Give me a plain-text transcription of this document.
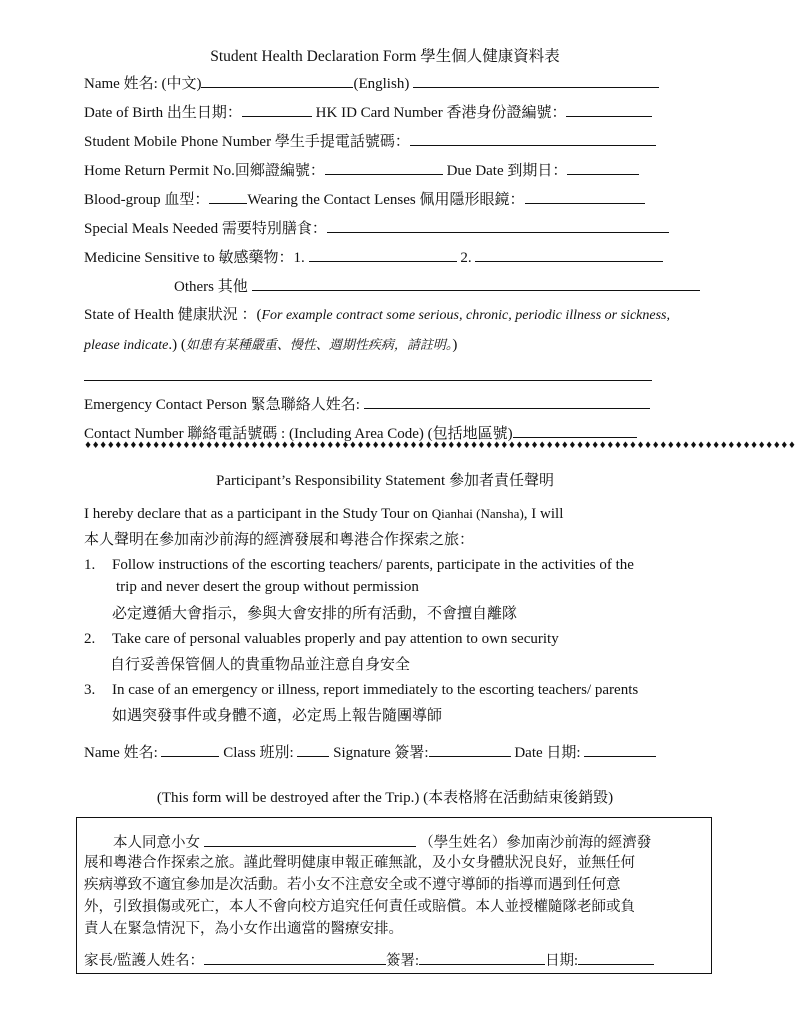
Student Health Declaration Form 學生個人健康資料表
Name 姓名: (中文)	(English)
Date of Birth 出生日期：	HK ID Card Number 香港身份證編號：
Student Mobile Phone Number 學生手提電話號碼：
Home Return Permit No.回鄉證編號：	Due Date 到期日：
Blood-group 血型：	Wearing the Contact Lenses 佩用隱形眼鏡：
Special Meals Needed 需要特別膳食：
Medicine Sensitive to 敏感藥物：1.	2.
Others 其他
State of Health 健康狀況 ：(For example contract some serious, chronic, periodic illness or sickness,
please indicate.) (如患有某種嚴重、慢性、週期性疾病，請註明。)
Emergency Contact Person 緊急聯絡人姓名:
Contact Number 聯絡電話號碼 : (Including Area Code) (包括地區號)
♦♦♦♦♦♦♦♦♦♦♦♦♦♦♦♦♦♦♦♦♦♦♦♦♦♦♦♦♦♦♦♦♦♦♦♦♦♦♦♦♦♦♦♦♦♦♦♦♦♦♦♦♦♦♦♦♦♦♦♦♦♦♦♦♦♦♦♦♦♦♦♦♦♦♦♦♦♦♦♦♦♦♦♦♦♦♦♦♦♦♦♦♦♦
Participant’s Responsibility Statement 參加者責任聲明
I hereby declare that as a participant in the Study Tour on Qianhai (Nansha), I will
本人聲明在參加南沙前海的經濟發展和粵港合作探索之旅：
1. Follow instructions of the escorting teachers/ parents, participate in the activities of the
trip and never desert the group without permission
必定遵循大會指示，參與大會安排的所有活動，不會擅自離隊
2. Take care of personal valuables properly and pay attention to own security
自行妥善保管個人的貴重物品並注意自身安全
3. In case of an emergency or illness, report immediately to the escorting teachers/ parents
如遇突發事件或身體不適，必定馬上報告隨團導師
Name 姓名:	Class 班別:	Signature 簽署:	Date 日期:
(This form will be destroyed after the Trip.) (本表格將在活動結束後銷毀)
本人同意小女	（學生姓名）參加南沙前海的經濟發
展和粵港合作探索之旅。謹此聲明健康申報正確無訛，及小女身體狀況良好，並無任何
疾病導致不適宜參加是次活動。若小女不注意安全或不遵守導師的指導而遇到任何意
外，引致損傷或死亡，本人不會向校方追究任何責任或賠償。本人並授權隨隊老師或負
責人在緊急情況下，為小女作出適當的醫療安排。
家長/監護人姓名：	簽署:	日期:
